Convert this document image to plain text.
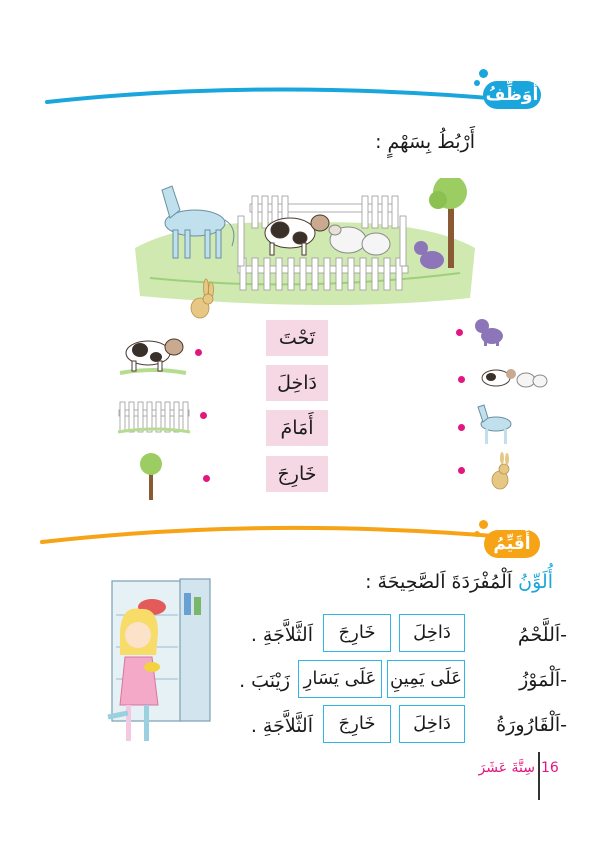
أُوَظِّفُ
أَرْبُطُ بِسَهْمٍ :
تَحْتَ
دَاخِلَ
أَمَامَ
خَارِجَ
أُقَيِّمُ
أُلَوِّنُ اَلْمُفْرَدَةَ اَلصَّحِيحَةَ :
-اَللَّحْمُ
دَاخِلَ
خَارِجَ
اَلثَّلاَّجَةِ .
-اَلْمَوْزُ
عَلَى يَمِينِ
عَلَى يَسَارِ
زَيْنَبَ .
-اَلْقَارُورَةُ
دَاخِلَ
خَارِجَ
اَلثَّلاَّجَةِ .
16
سِتَّةَ عَشَرَ
